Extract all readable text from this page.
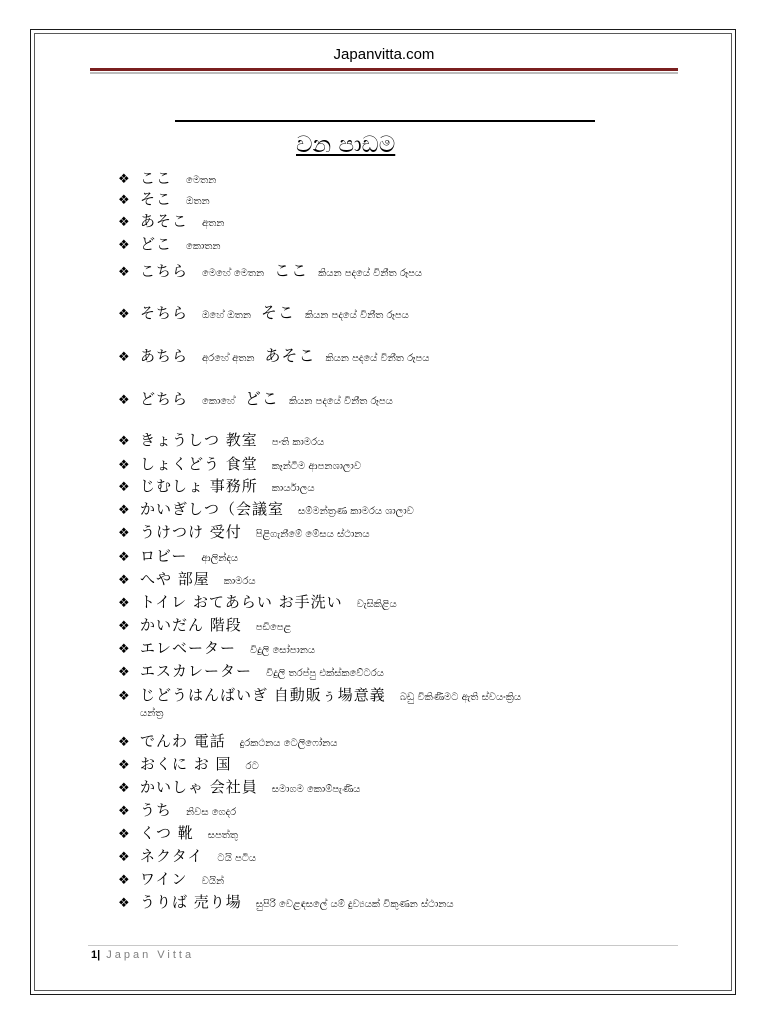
Japanvitta.com
වන පාඩම
❖ ここ මෙතන
❖ そこ ඔතන
❖ あそこ අතන
❖ どこ කොතන
❖ こちら මෙහේ මෙතන ここ කියන පදයේ විනීත රූපය
❖ そちら ඔහේ ඔතන そこ කියන පදයේ විනීත රූපය
❖ あちら අරහේ අතන あそこ කියන පදයේ විනීත රූපය
❖ どちら කොහේ どこ කියන පදයේ විනීත රූපය
❖ きょうしつ 教室 පංති කාමරය
❖ しょくどう 食堂 කෑන්ටීම ආපනශාලාව
❖ じむしょ 事務所 කාර්යාලය
❖ かいぎしつ（会議室 සම්මන්ත්‍රණ කාමරය ශාලාව
❖ うけつけ 受付 පිළිගැනීමේ මේසය ස්ථානය
❖ ロビー ආලින්දය
❖ へや 部屋 කාමරය
❖ トイレ おてあらい お手洗い වැසිකිළිය
❖ かいだん 階段 පඩිපෙළ
❖ エレベーター විදුලි සෝපානය
❖ エスカレーター විදුලි තරප්පු එක්ස්කවේටරය
❖ じどうはんばいぎ 自動販ぅ場意義 බඩු විකිණීමට ඇති ස්වයංක්‍රිය
යන්ත්‍ර
❖ でんわ 電話 දුරකථනය ටෙලිෆෝනය
❖ おくに お 国 රට
❖ かいしゃ 会社員 සමාගම කොම්පැණිය
❖ うち නිවස ගෙදර
❖ くつ 靴 සපත්තු
❖ ネクタイ ටයි පටිය
❖ ワイン වයින්
❖ うりば 売り場 සුපිරි වෙළඳසලේ යම් දුව්‍යයක් විකුණන ස්ථානය
1| Japan Vitta
